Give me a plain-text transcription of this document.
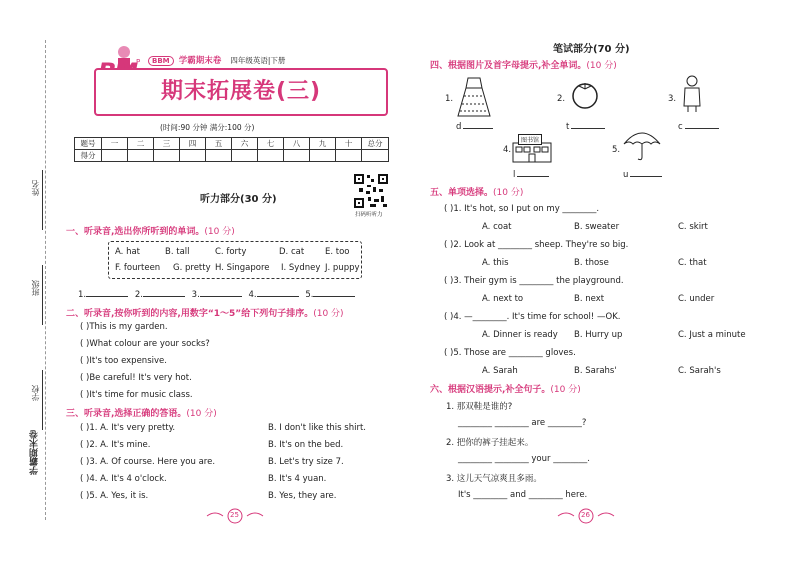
姓名
班级
学校
学霸期末卷
P	BBM 学霸期末卷 四年级英语|下册
期末拓展卷(三)
(时间:90 分钟 满分:100 分)
题号	一	二	三	四	五	六	七	八	九	十	总分
得分											
听力部分(30 分)
扫码听听力
一、听录音,选出你所听到的单词。(10 分)
A. hat	B. tall	C. forty	D. cat E. too
F. fourteen G. pretty H. Singapore I. Sydney J. puppy
1.	2.	3.	4.	5.
二、听录音,按你听到的内容,用数字“1～5”给下列句子排序。(10 分)
( )This is my garden.
( )What colour are your socks?
( )It's too expensive.
( )Be careful! It's very hot.
( )It's time for music class.
三、听录音,选择正确的答语。(10 分)
( )1. A. It's very pretty.	B. I don't like this shirt.
( )2. A. It's mine.	B. It's on the bed.
( )3. A. Of course. Here you are.	B. Let's try size 7.
( )4. A. It's 4 o'clock.	B. It's 4 yuan.
( )5. A. Yes, it is.	B. Yes, they are.
25
笔试部分(70 分)
四、根据图片及首字母提示,补全单词。(10 分)
1.	2.	3.
d	t	c
4.
图书馆
5.
l	u
五、单项选择。(10 分)
( )1. It's hot, so I put on my ________.
A. coat	B. sweater	C. skirt
( )2. Look at ________ sheep. They're so big.
A. this	B. those	C. that
( )3. Their gym is ________ the playground.
A. next to	B. next	C. under
( )4. —________. It's time for school! —OK.
A. Dinner is ready B. Hurry up	C. Just a minute
( )5. Those are ________ gloves.
A. Sarah	B. Sarahs'	C. Sarah's
六、根据汉语提示,补全句子。(10 分)
1. 那双鞋是谁的?
________ ________ are ________?
2. 把你的裤子挂起来。
________ ________ your ________.
3. 这儿天气凉爽且多雨。
It's ________ and ________ here.
26
